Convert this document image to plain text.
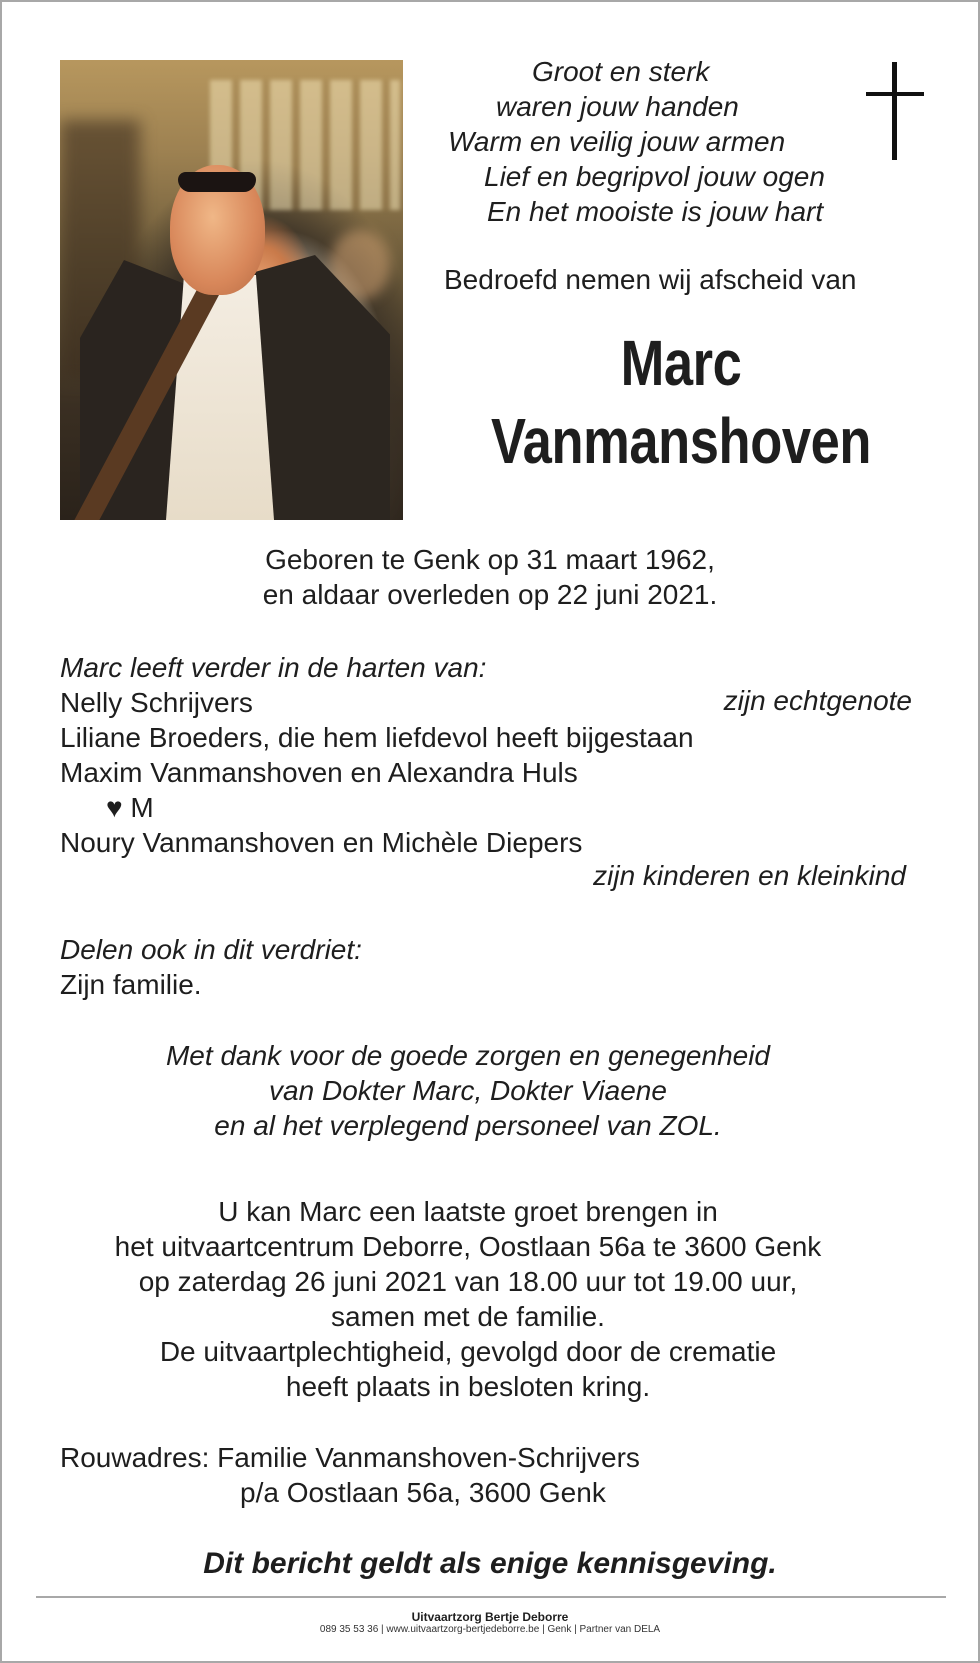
Groot en sterk
waren jouw handen
Warm en veilig jouw armen
Lief en begripvol jouw ogen
En het mooiste is jouw hart
Bedroefd nemen wij afscheid van
Marc
Vanmanshoven
Geboren te Genk op 31 maart 1962,
en aldaar overleden op 22 juni 2021.
Marc leeft verder in de harten van:
Nelly Schrijvers	zijn echtgenote
Liliane Broeders, die hem liefdevol heeft bijgestaan
Maxim Vanmanshoven en Alexandra Huls
♥ M
Noury Vanmanshoven en Michèle Diepers
zijn kinderen en kleinkind
Delen ook in dit verdriet:
Zijn familie.
Met dank voor de goede zorgen en genegenheid
van Dokter Marc, Dokter Viaene
en al het verplegend personeel van ZOL.
U kan Marc een laatste groet brengen in
het uitvaartcentrum Deborre, Oostlaan 56a te 3600 Genk
op zaterdag 26 juni 2021 van 18.00 uur tot 19.00 uur,
samen met de familie.
De uitvaartplechtigheid, gevolgd door de crematie
heeft plaats in besloten kring.
Rouwadres: Familie Vanmanshoven-Schrijvers
p/a Oostlaan 56a, 3600 Genk
Dit bericht geldt als enige kennisgeving.
Uitvaartzorg Bertje Deborre
089 35 53 36 | www.uitvaartzorg-bertjedeborre.be | Genk | Partner van DELA
